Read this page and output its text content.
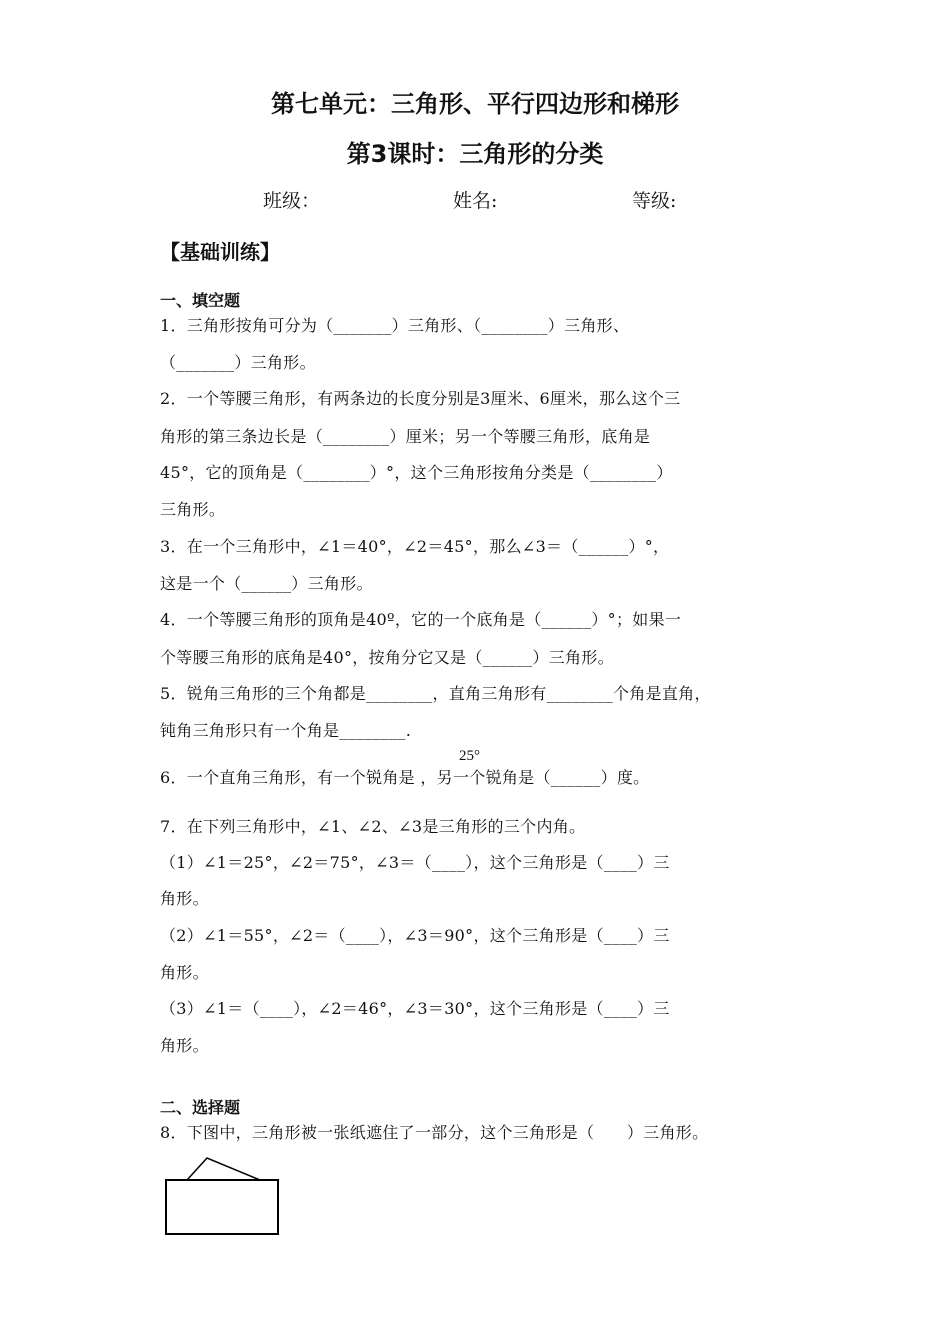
第七单元：三角形、平行四边形和梯形
第3课时：三角形的分类
班级：	姓名:	等级:
【基础训练】
一、填空题
1．三角形按角可分为（_______）三角形、（________）三角形、
（_______）三角形。
2．一个等腰三角形，有两条边的长度分别是3厘米、6厘米，那么这个三
角形的第三条边长是（________）厘米；另一个等腰三角形，底角是
45°，它的顶角是（________）°，这个三角形按角分类是（________）
三角形。
3．在一个三角形中，∠1＝40°，∠2＝45°，那么∠3＝（______）°，
这是一个（______）三角形。
4．一个等腰三角形的顶角是40º，它的一个底角是（______）°；如果一
个等腰三角形的底角是40°，按角分它又是（______）三角形。
5．锐角三角形的三个角都是________，直角三角形有________个角是直角，
钝角三角形只有一个角是________.
6．一个直角三角形，有一个锐角是 ，另一个锐角是（______）度。
25°
7．在下列三角形中，∠1、∠2、∠3是三角形的三个内角。
（1）∠1＝25°，∠2＝75°，∠3＝（____），这个三角形是（____）三
角形。
（2）∠1＝55°，∠2＝（____），∠3＝90°，这个三角形是（____）三
角形。
（3）∠1＝（____），∠2＝46°，∠3＝30°，这个三角形是（____）三
角形。
二、选择题
8．下图中，三角形被一张纸遮住了一部分，这个三角形是（　　）三角形。
